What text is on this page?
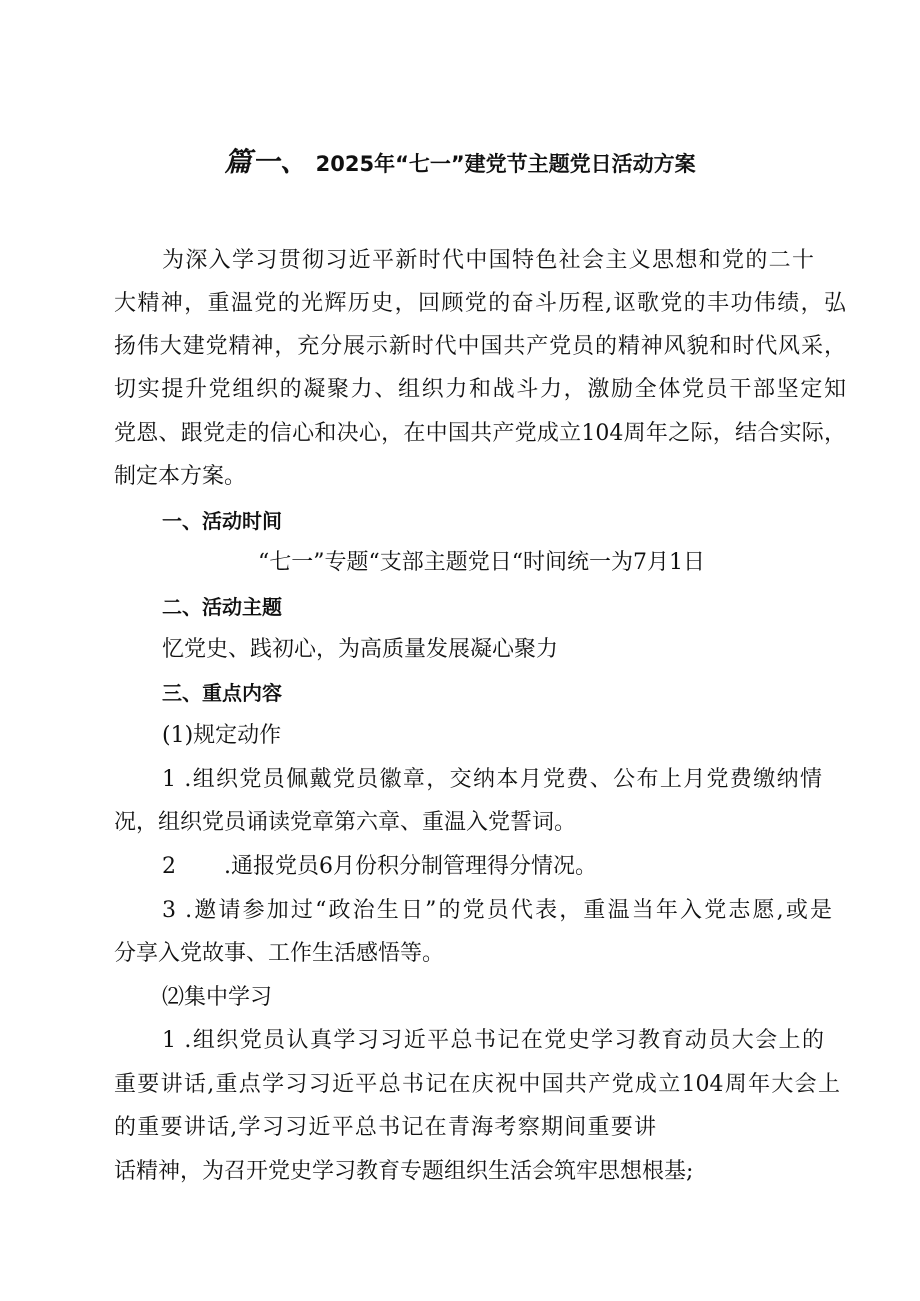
篇一、 2025年“七一”建党节主题党日活动方案
为深入学习贯彻习近平新时代中国特色社会主义思想和党的二十
大精神，重温党的光辉历史，回顾党的奋斗历程,讴歌党的丰功伟绩，弘
扬伟大建党精神，充分展示新时代中国共产党员的精神风貌和时代风采，
切实提升党组织的凝聚力、组织力和战斗力，激励全体党员干部坚定知
党恩、跟党走的信心和决心，在中国共产党成立104周年之际，结合实际，
制定本方案。
一、活动时间
“七一”专题“支部主题党日“时间统一为7月1日
二、活动主题
忆党史、践初心，为高质量发展凝心聚力
三、重点内容
(1)规定动作
1 .组织党员佩戴党员徽章，交纳本月党费、公布上月党费缴纳情
况，组织党员诵读党章第六章、重温入党誓词。
2 .通报党员6月份积分制管理得分情况。
3 .邀请参加过“政治生日”的党员代表，重温当年入党志愿,或是
分享入党故事、工作生活感悟等。
⑵集中学习
1 .组织党员认真学习习近平总书记在党史学习教育动员大会上的
重要讲话,重点学习习近平总书记在庆祝中国共产党成立104周年大会上
的重要讲话,学习习近平总书记在青海考察期间重要讲
话精神，为召开党史学习教育专题组织生活会筑牢思想根基;
